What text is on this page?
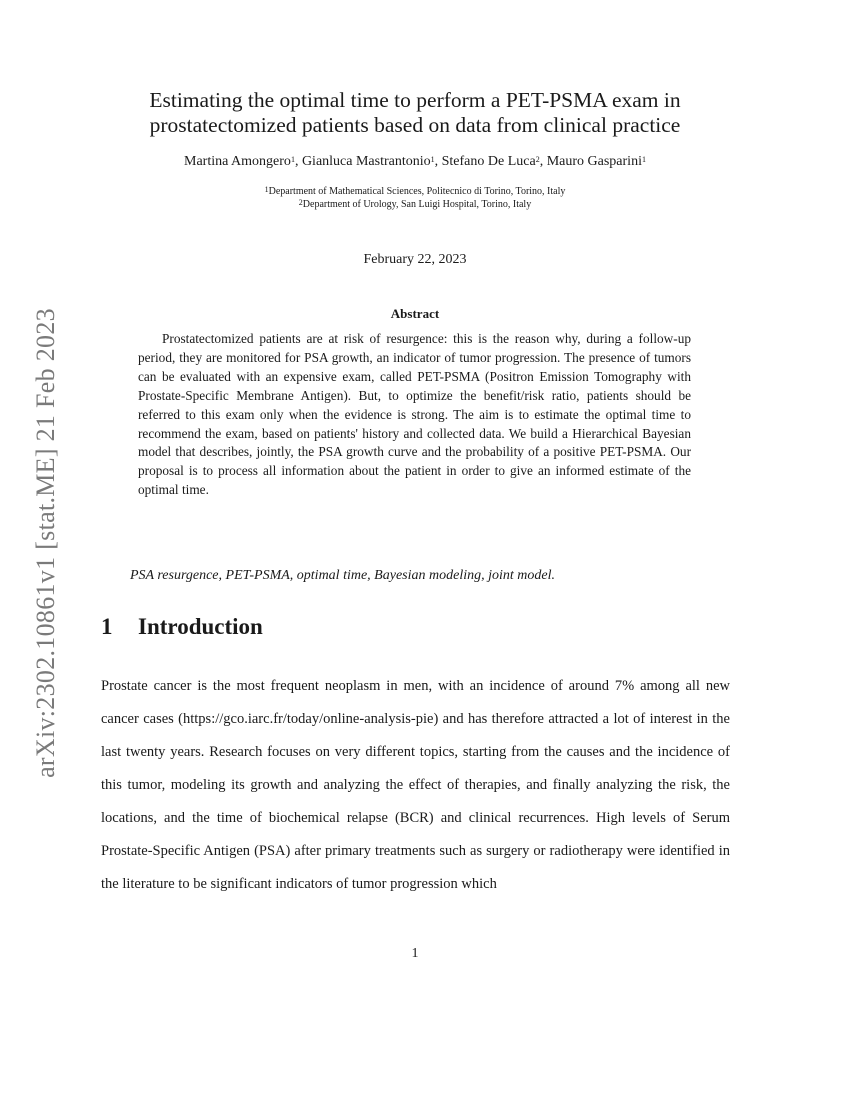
arXiv:2302.10861v1 [stat.ME] 21 Feb 2023
Estimating the optimal time to perform a PET-PSMA exam in
prostatectomized patients based on data from clinical practice
Martina Amongero$^1$, Gianluca Mastrantonio$^1$, Stefano De Luca$^2$, Mauro Gasparini$^1$
$^1$Department of Mathematical Sciences, Politecnico di Torino, Torino, Italy
$^2$Department of Urology, San Luigi Hospital, Torino, Italy
February 22, 2023
Abstract
Prostatectomized patients are at risk of resurgence: this is the reason why, during a follow-up period, they are monitored for PSA growth, an indicator of tumor progression. The presence of tumors can be evaluated with an expensive exam, called PET-PSMA (Positron Emission Tomography with Prostate-Specific Membrane Antigen). But, to optimize the benefit/risk ratio, patients should be referred to this exam only when the evidence is strong. The aim is to estimate the optimal time to recommend the exam, based on patients' history and collected data. We build a Hierarchical Bayesian model that describes, jointly, the PSA growth curve and the probability of a positive PET-PSMA. Our proposal is to process all information about the patient in order to give an informed estimate of the optimal time.
PSA resurgence, PET-PSMA, optimal time, Bayesian modeling, joint model.
1 Introduction
Prostate cancer is the most frequent neoplasm in men, with an incidence of around 7% among all new cancer cases (https://gco.iarc.fr/today/online-analysis-pie) and has therefore attracted a lot of interest in the last twenty years. Research focuses on very different topics, starting from the causes and the incidence of this tumor, modeling its growth and analyzing the effect of therapies, and finally analyzing the risk, the locations, and the time of biochemical relapse (BCR) and clinical recurrences. High levels of Serum Prostate-Specific Antigen (PSA) after primary treatments such as surgery or radiotherapy were identified in the literature to be significant indicators of tumor progression which
1
